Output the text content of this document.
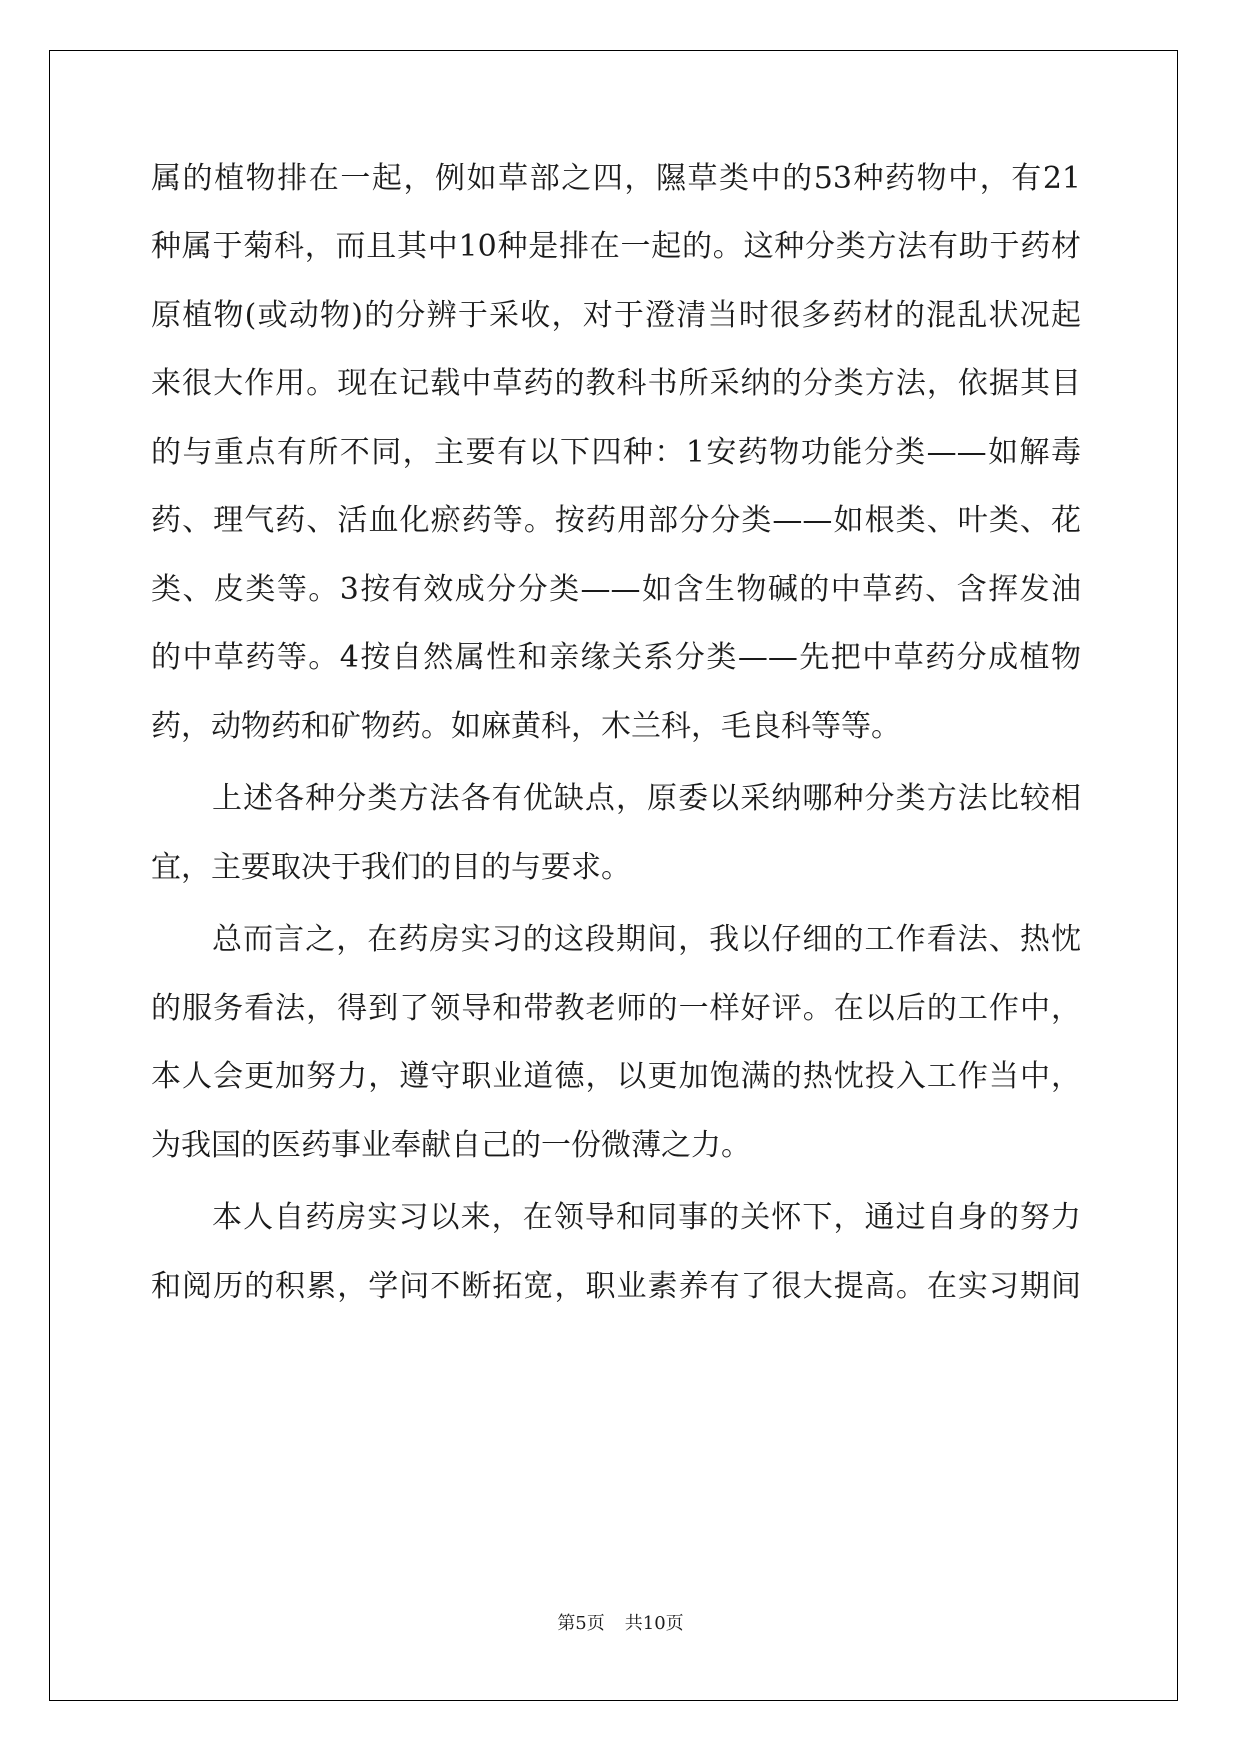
属的植物排在一起，例如草部之四，隰草类中的53种药物中，有21
种属于菊科，而且其中10种是排在一起的。这种分类方法有助于药材
原植物(或动物)的分辨于采收，对于澄清当时很多药材的混乱状况起
来很大作用。现在记载中草药的教科书所采纳的分类方法，依据其目
的与重点有所不同，主要有以下四种：1安药物功能分类——如解毒
药、理气药、活血化瘀药等。按药用部分分类——如根类、叶类、花
类、皮类等。3按有效成分分类——如含生物碱的中草药、含挥发油
的中草药等。4按自然属性和亲缘关系分类——先把中草药分成植物
药，动物药和矿物药。如麻黄科，木兰科，毛良科等等。
上述各种分类方法各有优缺点，原委以采纳哪种分类方法比较相
宜，主要取决于我们的目的与要求。
总而言之，在药房实习的这段期间，我以仔细的工作看法、热忱
的服务看法，得到了领导和带教老师的一样好评。在以后的工作中，
本人会更加努力，遵守职业道德，以更加饱满的热忱投入工作当中，
为我国的医药事业奉献自己的一份微薄之力。
本人自药房实习以来，在领导和同事的关怀下，通过自身的努力
和阅历的积累，学问不断拓宽，职业素养有了很大提高。在实习期间
第5页 共10页
